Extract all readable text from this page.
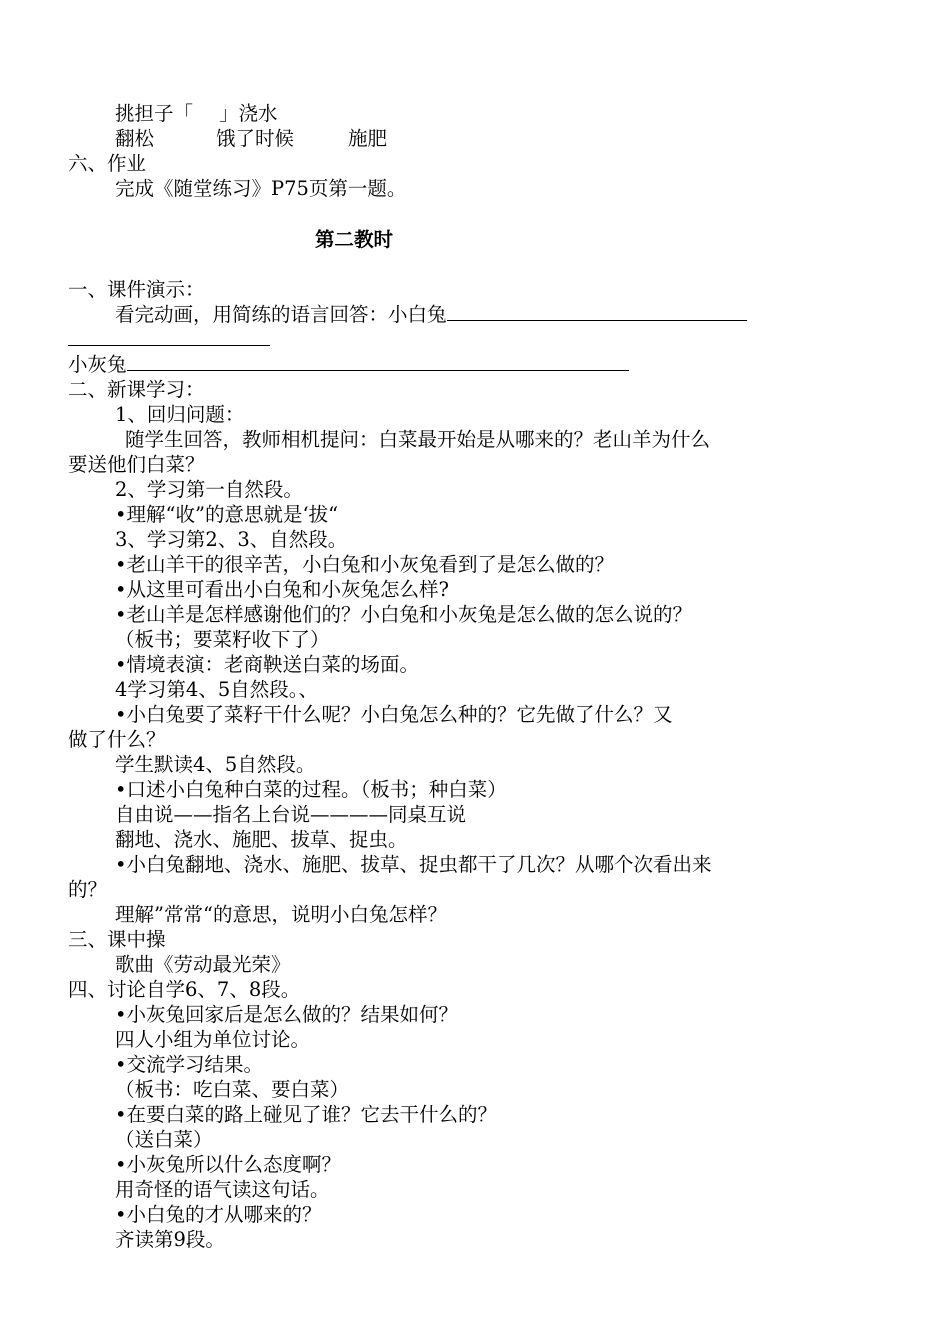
挑担子「 」浇水
翻松	饿了时候	施肥
六、作业
完成《随堂练习》P75页第一题。
第二教时
一、课件演示：
看完动画，用简练的语言回答：小白兔
小灰兔
二、新课学习：
1、回归问题：
随学生回答，教师相机提问：白菜最开始是从哪来的？老山羊为什么
要送他们白菜？
2、学习第一自然段。
•理解“收”的意思就是‘拔“
3、学习第2、3、自然段。
•老山羊干的很辛苦，小白兔和小灰兔看到了是怎么做的？
•从这里可看出小白兔和小灰兔怎么样?
•老山羊是怎样感谢他们的？小白兔和小灰兔是怎么做的怎么说的？
（板书；要菜籽收下了）
•情境表演：老商鞅送白菜的场面。
4学习第4、5自然段。、
•小白兔要了菜籽干什么呢？小白兔怎么种的？它先做了什么？又
做了什么？
学生默读4、5自然段。
•口述小白兔种白菜的过程。（板书；种白菜）
自由说——指名上台说————同桌互说
翻地、浇水、施肥、拔草、捉虫。
•小白兔翻地、浇水、施肥、拔草、捉虫都干了几次？从哪个次看出来
的？
理解”常常“的意思，说明小白兔怎样？
三、课中操
歌曲《劳动最光荣》
四、讨论自学6、7、8段。
•小灰兔回家后是怎么做的？结果如何？
四人小组为单位讨论。
•交流学习结果。
（板书：吃白菜、要白菜）
•在要白菜的路上碰见了谁？它去干什么的？
（送白菜）
•小灰兔所以什么态度啊？
用奇怪的语气读这句话。
•小白兔的才从哪来的？
齐读第9段。
